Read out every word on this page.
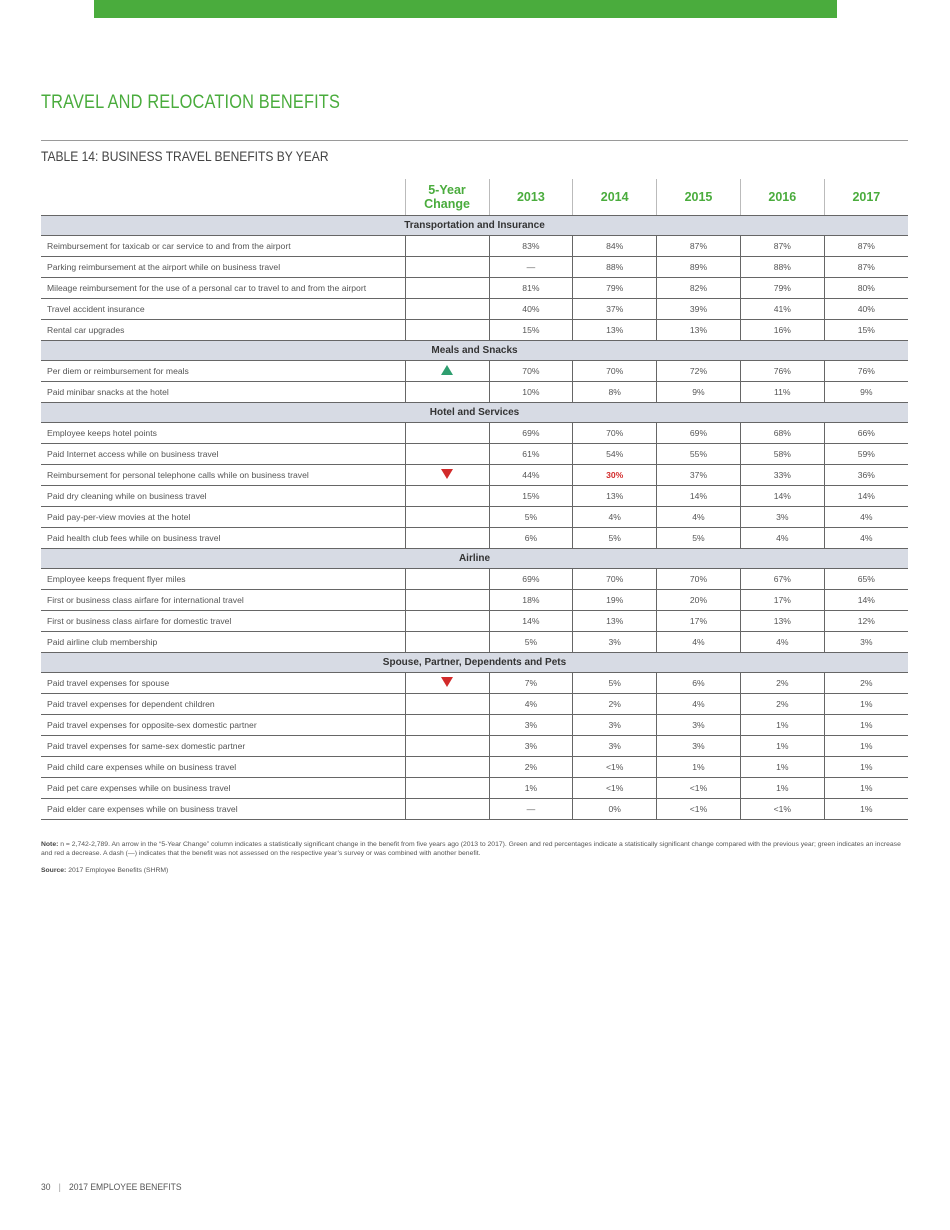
TRAVEL AND RELOCATION BENEFITS
TABLE 14: BUSINESS TRAVEL BENEFITS BY YEAR

	5-Year
Change	2013	2014	2015	2016	2017
Transportation and Insurance						
Reimbursement for taxicab or car service to and from the airport		83%	84%	87%	87%	87%
Parking reimbursement at the airport while on business travel		—	88%	89%	88%	87%
Mileage reimbursement for the use of a personal car to travel to and from the airport		81%	79%	82%	79%	80%
Travel accident insurance		40%	37%	39%	41%	40%
Rental car upgrades		15%	13%	13%	16%	15%
Meals and Snacks						
Per diem or reimbursement for meals		70%	70%	72%	76%	76%
Paid minibar snacks at the hotel		10%	8%	9%	11%	9%
Hotel and Services						
Employee keeps hotel points		69%	70%	69%	68%	66%
Paid Internet access while on business travel		61%	54%	55%	58%	59%
Reimbursement for personal telephone calls while on business travel		44%	30%	37%	33%	36%
Paid dry cleaning while on business travel		15%	13%	14%	14%	14%
Paid pay-per-view movies at the hotel		5%	4%	4%	3%	4%
Paid health club fees while on business travel		6%	5%	5%	4%	4%
Airline						
Employee keeps frequent flyer miles		69%	70%	70%	67%	65%
First or business class airfare for international travel		18%	19%	20%	17%	14%
First or business class airfare for domestic travel		14%	13%	17%	13%	12%
Paid airline club membership		5%	3%	4%	4%	3%
Spouse, Partner, Dependents and Pets						
Paid travel expenses for spouse		7%	5%	6%	2%	2%
Paid travel expenses for dependent children		4%	2%	4%	2%	1%
Paid travel expenses for opposite-sex domestic partner		3%	3%	3%	1%	1%
Paid travel expenses for same-sex domestic partner		3%	3%	3%	1%	1%
Paid child care expenses while on business travel		2%	<1%	1%	1%	1%
Paid pet care expenses while on business travel		1%	<1%	<1%	1%	1%
Paid elder care expenses while on business travel		—	0%	<1%	<1%	1%
Note: n = 2,742-2,789. An arrow in the “5-Year Change” column indicates a statistically significant change in the benefit from five years ago (2013 to 2017). Green and red percentages indicate a statistically significant change compared with the previous year; green indicates an increase and red a decrease. A dash (—) indicates that the benefit was not assessed on the respective year’s survey or was combined with another benefit.
Source: 2017 Employee Benefits (SHRM)
30 | 2017 EMPLOYEE BENEFITS
